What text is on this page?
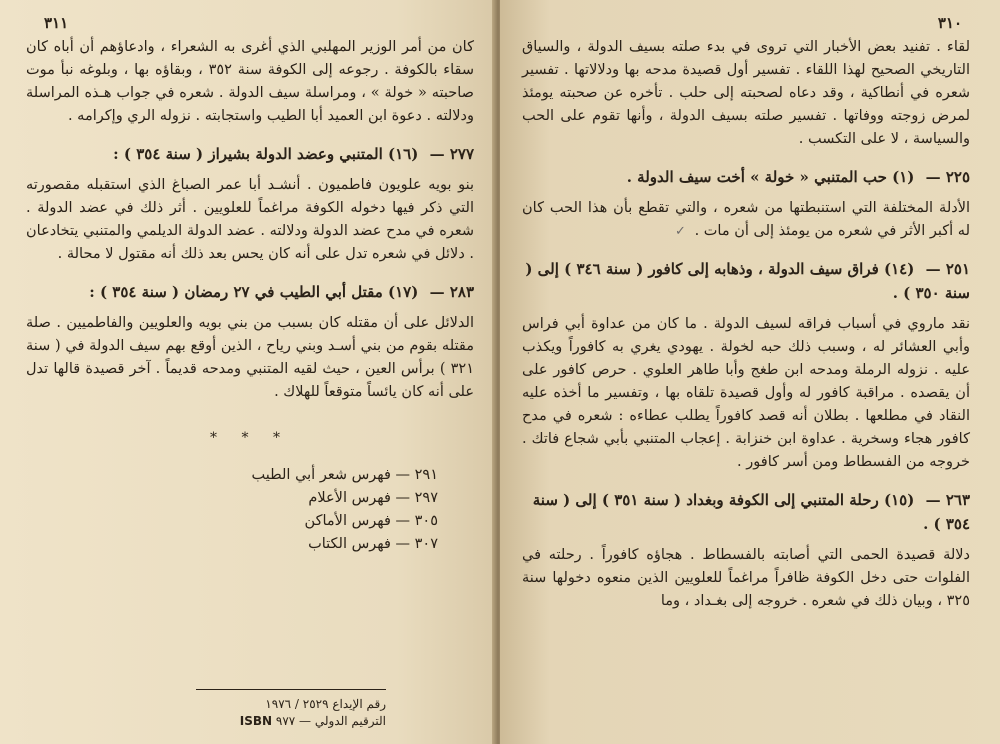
٣١١

كان من أمر الوزير المهلبي الذي أغرى به الشعراء ، وادعاؤهم أن أباه كان سقاء بالكوفة . رجوعه إلى الكوفة سنة ٣٥٢ ، وبقاؤه بها ، وبلوغه نبأ موت صاحبته « خولة » ، ومراسلة سيف الدولة . شعره في جواب هـذه المراسلة ودلالته . دعوة ابن العميد أبا الطيب واستجابته . نزوله الري وإكرامه .

٢٧٧ — (١٦) المتنبي وعضد الدولة بشيراز ( سنة ٣٥٤ ) :

بنو بويه علويون فاطميون . أنشـد أبا عمر الصباغ الذي استقبله مقصورته التي ذكر فيها دخوله الكوفة مراغماً للعلويين . أثر ذلك في عضد الدولة . شعره في مدح عضد الدولة ودلالته . عضد الدولة الديلمي والمتنبي يتخادعان . دلائل في شعره تدل على أنه كان يحس بعد ذلك أنه مقتول لا محالة .

٢٨٣ — (١٧) مقتل أبي الطيب في ٢٧ رمضان ( سنة ٣٥٤ ) :

الدلائل على أن مقتله كان بسبب من بني بويه والعلويين والفاطميين . صلة مقتله بقوم من بني أسـد وبني رياح ، الذين أوقع بهم سيف الدولة في ( سنة ٣٢١ ) برأس العين ، حيث لقيه المتنبي ومدحه قديماً . آخر قصيدة قالها تدل على أنه كان يائساً متوقعاً للهلاك .

* * *
٢٩١ — فهرس شعر أبي الطيب
٢٩٧ — فهرس الأعلام
٣٠٥ — فهرس الأماكن
٣٠٧ — فهرس الكتاب
رقم الإيداع ٢٥٢٩ / ١٩٧٦
الترقيم الدولي — ٩٧٧ ISBN
٣١٠

لقاء . تفنيد بعض الأخبار التي تروى في بدء صلته بسيف الدولة ، والسياق التاريخي الصحيح لهذا اللقاء . تفسير أول قصيدة مدحه بها ودلالاتها . تفسير شعره في أنطاكية ، وقد دعاه لصحبته إلى حلب . تأخره عن صحبته يومئذ لمرض زوجته ووفاتها . تفسير صلته بسيف الدولة ، وأنها تقوم على الحب والسياسة ، لا على التكسب .

٢٢٥ — (١) حب المتنبي « خولة » أخت سيف الدولة .

الأدلة المختلفة التي استنبطتها من شعره ، والتي تقطع بأن هذا الحب كان له أكبر الأثر في شعره من يومئذ إلى أن مات . ✓

٢٥١ — (١٤) فراق سيف الدولة ، وذهابه إلى كافور ( سنة ٣٤٦ ) إلى ( سنة ٣٥٠ ) .

نقد ماروي في أسباب فراقه لسيف الدولة . ما كان من عداوة أبي فراس وأبي العشائر له ، وسبب ذلك حبه لخولة . يهودي يغري به كافوراً ويكذب عليه . نزوله الرملة ومدحه ابن طغج وأبا طاهر العلوي . حرص كافور على أن يقصده . مراقبة كافور له وأول قصيدة تلقاه بها ، وتفسير ما أخذه عليه النقاد في مطلعها . بطلان أنه قصد كافوراً يطلب عطاءه : شعره في مدح كافور هجاء وسخرية . عداوة ابن خنزابة . إعجاب المتنبي بأبي شجاع فاتك . خروجه من الفسطاط ومن أسر كافور .

٢٦٣ — (١٥) رحلة المتنبي إلى الكوفة وبغداد ( سنة ٣٥١ ) إلى ( سنة ٣٥٤ ) .

دلالة قصيدة الحمى التي أصابته بالفسطاط . هجاؤه كافوراً . رحلته في الفلوات حتى دخل الكوفة ظافراً مراغماً للعلويين الذين منعوه دخولها سنة ٣٢٥ ، وبيان ذلك في شعره . خروجه إلى بغـداد ، وما
